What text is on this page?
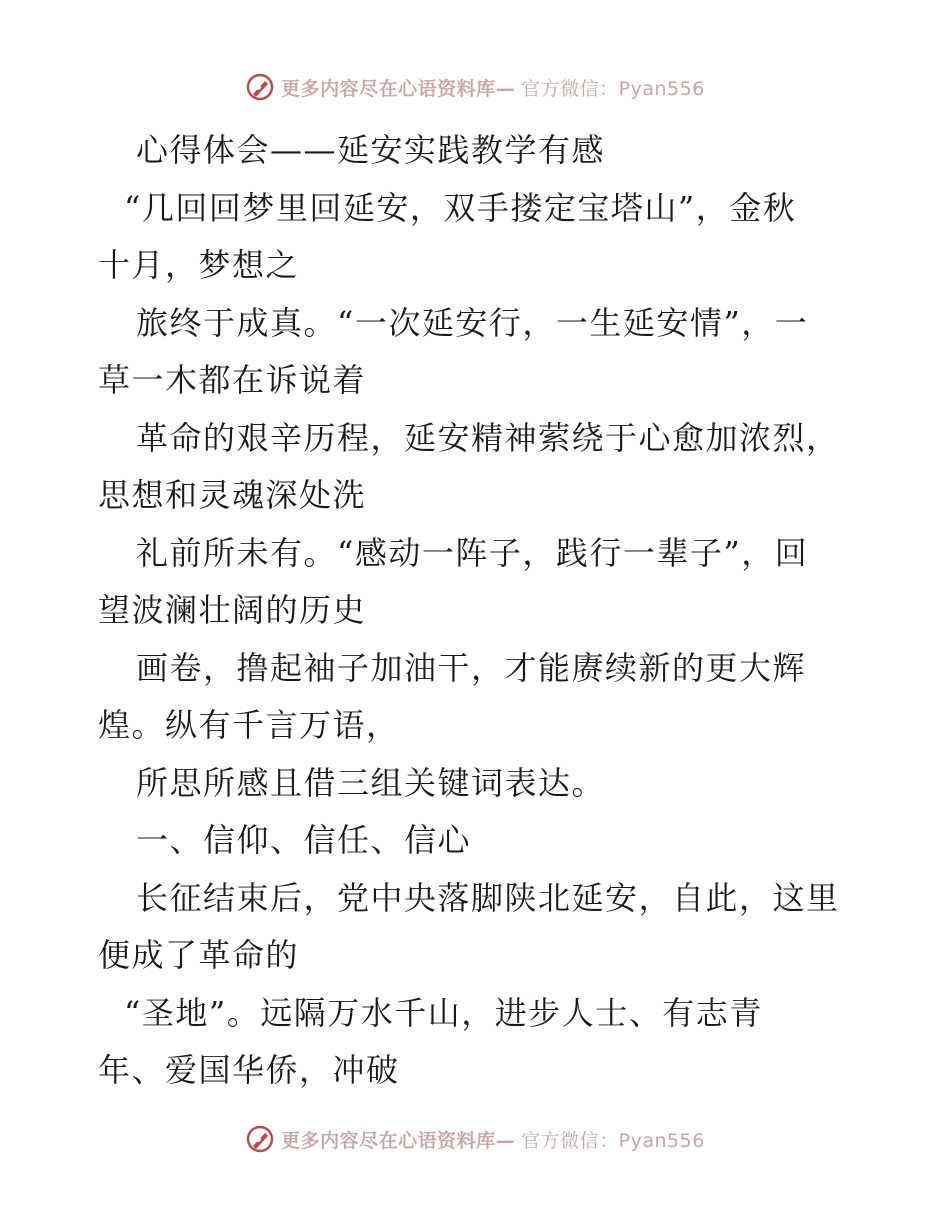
更多内容尽在心语资料库— 官方微信：Pyan556
心得体会——延安实践教学有感
“几回回梦里回延安，双手搂定宝塔山”，金秋
十月，梦想之
旅终于成真。“一次延安行，一生延安情”，一
草一木都在诉说着
革命的艰辛历程，延安精神萦绕于心愈加浓烈，
思想和灵魂深处洗
礼前所未有。“感动一阵子，践行一辈子”，回
望波澜壮阔的历史
画卷，撸起袖子加油干，才能赓续新的更大辉
煌。纵有千言万语，
所思所感且借三组关键词表达。
一、信仰、信任、信心
长征结束后，党中央落脚陕北延安，自此，这里
便成了革命的
“圣地”。远隔万水千山，进步人士、有志青
年、爱国华侨，冲破
更多内容尽在心语资料库— 官方微信：Pyan556
